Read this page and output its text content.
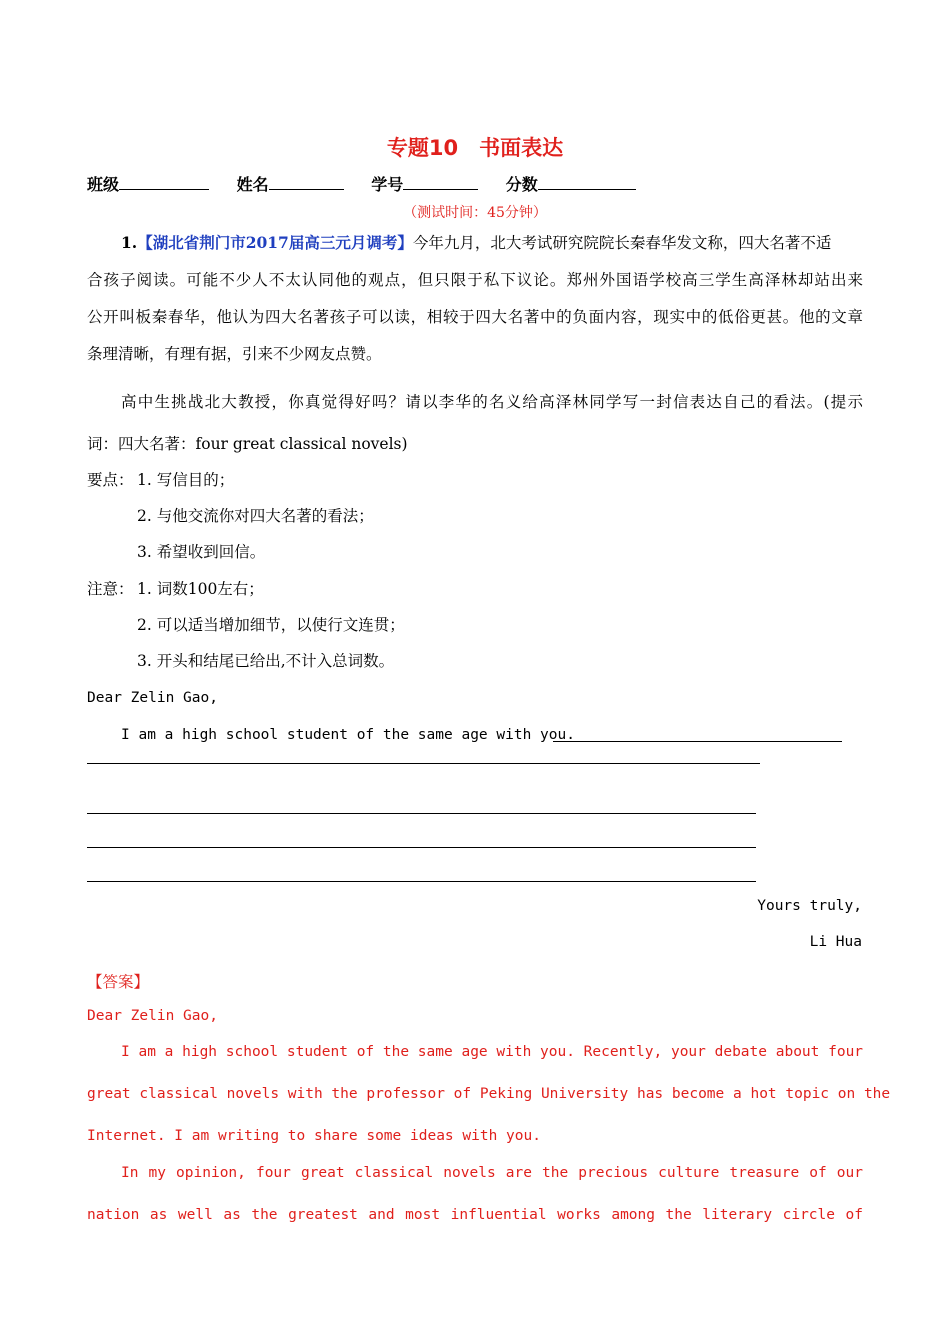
专题10　书面表达
班级	姓名	学号	分数
（测试时间：45分钟）
1.【湖北省荆门市2017届高三元月调考】今年九月，北大考试研究院院长秦春华发文称，四大名著不适
合孩子阅读。可能不少人不太认同他的观点，但只限于私下议论。郑州外国语学校高三学生高泽林却站出来
公开叫板秦春华，他认为四大名著孩子可以读，相较于四大名著中的负面内容，现实中的低俗更甚。他的文章
条理清晰，有理有据，引来不少网友点赞。
高中生挑战北大教授，你真觉得好吗？请以李华的名义给高泽林同学写一封信表达自己的看法。(提示
词：四大名著：four great classical novels)
要点： 1. 写信目的；
2. 与他交流你对四大名著的看法；
3. 希望收到回信。
注意： 1. 词数100左右；
2. 可以适当增加细节，以使行文连贯；
3. 开头和结尾已给出,不计入总词数。
Dear Zelin Gao,
I am a high school student of the same age with you.
Yours truly,
Li Hua
【答案】
Dear Zelin Gao,
I am a high school student of the same age with you. Recently, your debate about four
great classical novels with the professor of Peking University has become a hot topic on the
Internet. I am writing to share some ideas with you.
In my opinion, four great classical novels are the precious culture treasure of our
nation as well as the greatest and most influential works among the literary circle of
